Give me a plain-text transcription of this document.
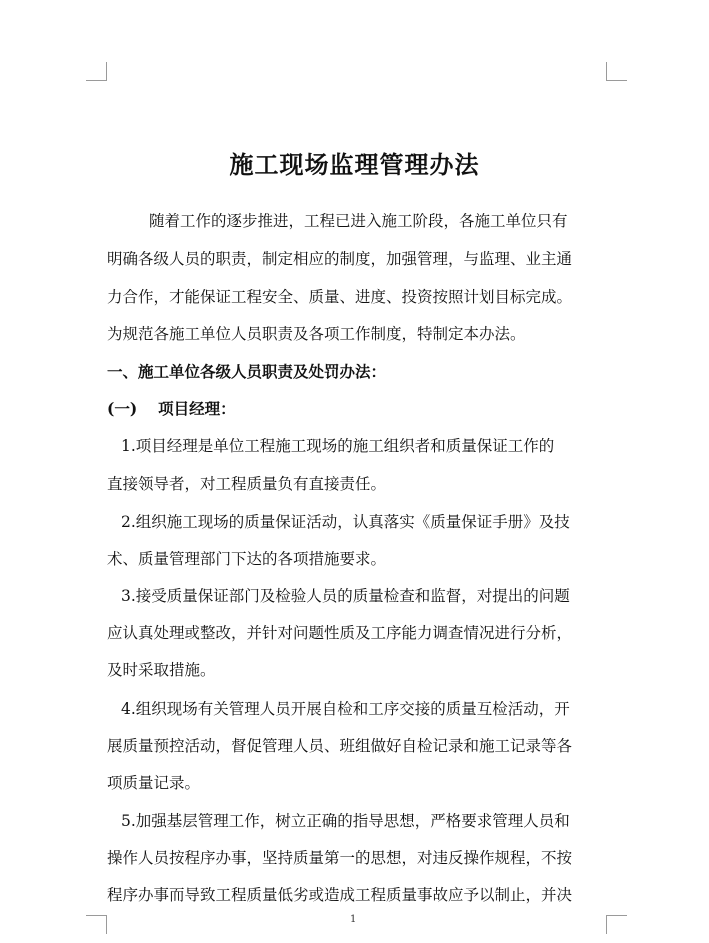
施工现场监理管理办法
随着工作的逐步推进，工程已进入施工阶段，各施工单位只有
明确各级人员的职责，制定相应的制度，加强管理，与监理、业主通
力合作，才能保证工程安全、质量、进度、投资按照计划目标完成。
为规范各施工单位人员职责及各项工作制度，特制定本办法。
一、施工单位各级人员职责及处罚办法：
(一)　 项目经理：
1.项目经理是单位工程施工现场的施工组织者和质量保证工作的
直接领导者，对工程质量负有直接责任。
2.组织施工现场的质量保证活动，认真落实《质量保证手册》及技
术、质量管理部门下达的各项措施要求。
3.接受质量保证部门及检验人员的质量检查和监督，对提出的问题
应认真处理或整改，并针对问题性质及工序能力调查情况进行分析，
及时采取措施。
4.组织现场有关管理人员开展自检和工序交接的质量互检活动，开
展质量预控活动，督促管理人员、班组做好自检记录和施工记录等各
项质量记录。
5.加强基层管理工作，树立正确的指导思想，严格要求管理人员和
操作人员按程序办事，坚持质量第一的思想，对违反操作规程，不按
程序办事而导致工程质量低劣或造成工程质量事故应予以制止，并决
1
